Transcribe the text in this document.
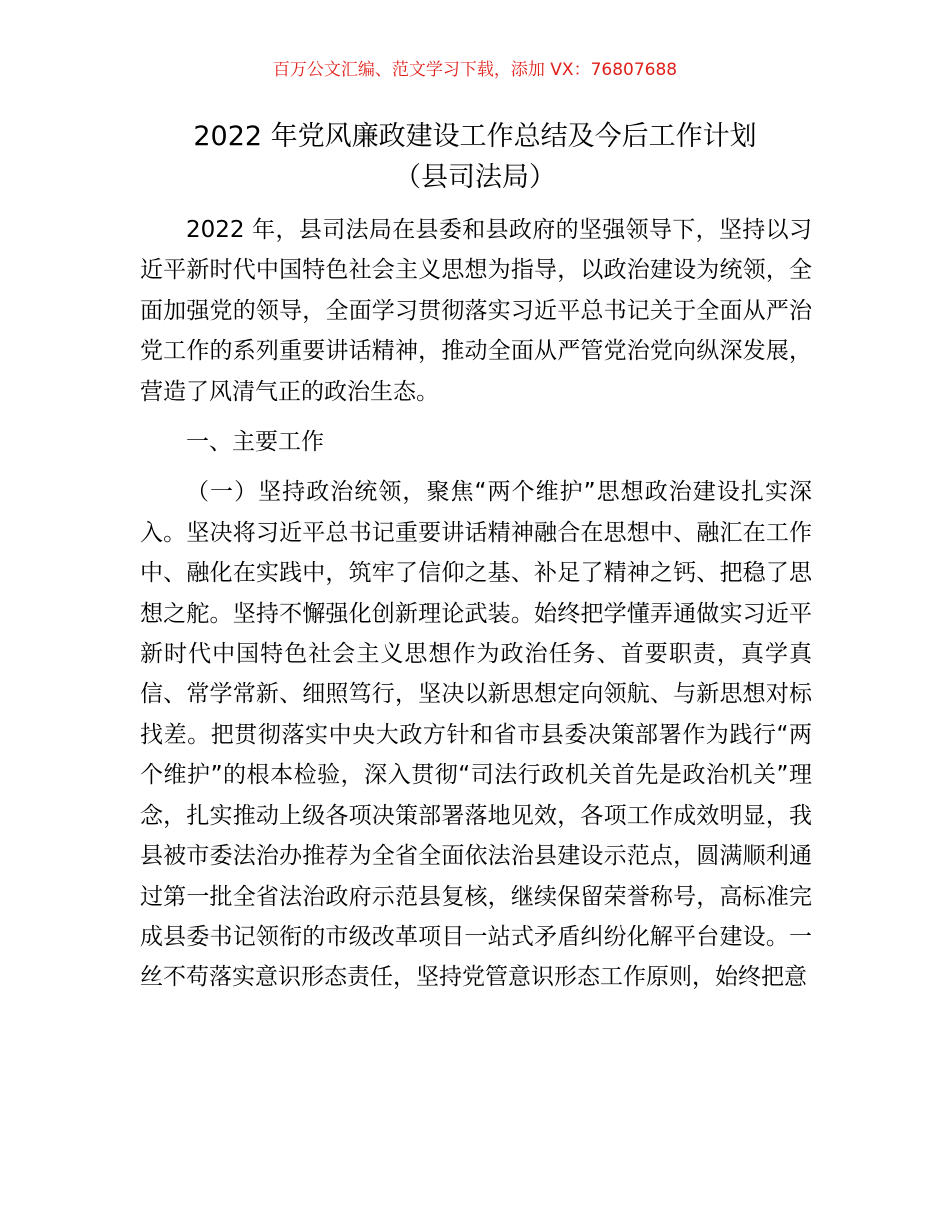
百万公文汇编、范文学习下载，添加 VX：76807688
2022 年党风廉政建设工作总结及今后工作计划
（县司法局）

2022 年，县司法局在县委和县政府的坚强领导下，坚持以习近平新时代中国特色社会主义思想为指导，以政治建设为统领，全面加强党的领导，全面学习贯彻落实习近平总书记关于全面从严治党工作的系列重要讲话精神，推动全面从严管党治党向纵深发展，营造了风清气正的政治生态。

一、主要工作

（一）坚持政治统领，聚焦“两个维护”思想政治建设扎实深入。坚决将习近平总书记重要讲话精神融合在思想中、融汇在工作中、融化在实践中，筑牢了信仰之基、补足了精神之钙、把稳了思想之舵。坚持不懈强化创新理论武装。始终把学懂弄通做实习近平新时代中国特色社会主义思想作为政治任务、首要职责，真学真信、常学常新、细照笃行，坚决以新思想定向领航、与新思想对标找差。把贯彻落实中央大政方针和省市县委决策部署作为践行“两个维护”的根本检验，深入贯彻“司法行政机关首先是政治机关”理念，扎实推动上级各项决策部署落地见效，各项工作成效明显，我县被市委法治办推荐为全省全面依法治县建设示范点，圆满顺利通过第一批全省法治政府示范县复核，继续保留荣誉称号，高标准完成县委书记领衔的市级改革项目一站式矛盾纠纷化解平台建设。一丝不苟落实意识形态责任，坚持党管意识形态工作原则，始终把意
